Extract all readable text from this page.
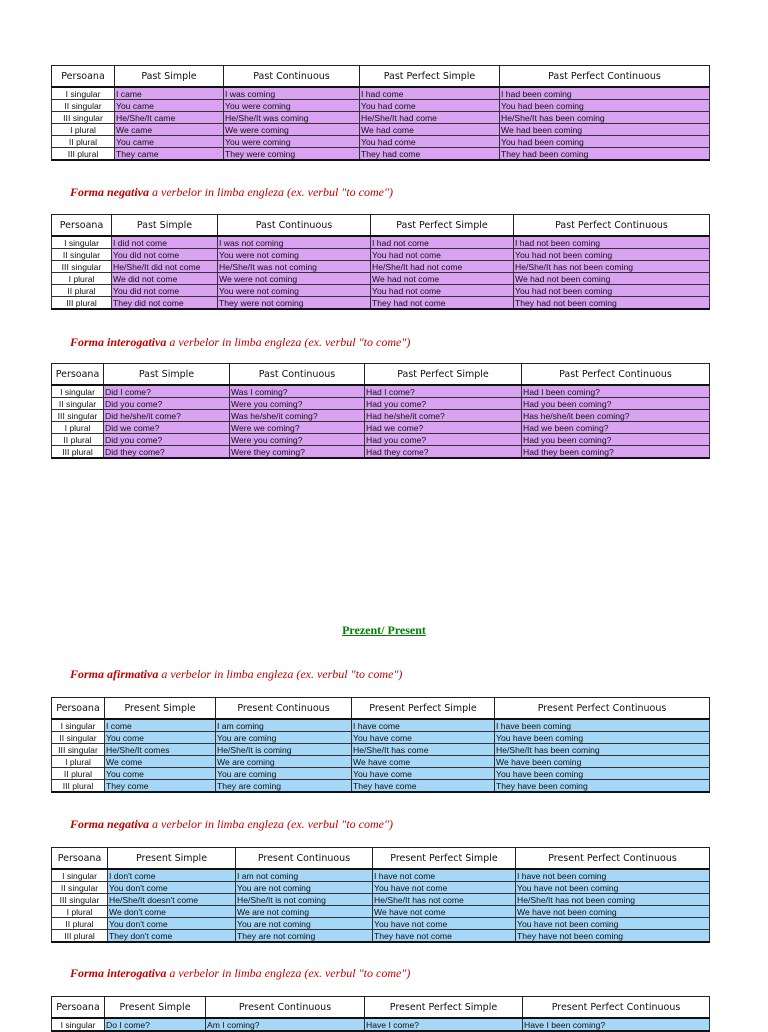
Persoana	Past Simple	Past Continuous	Past Perfect Simple	Past Perfect Continuous
I singular	I came	I was coming	I had come	I had been coming
II singular	You came	You were coming	You had come	You had been coming
III singular	He/She/It came	He/She/It was coming	He/She/It had come	He/She/It has been coming
I plural	We came	We were coming	We had come	We had been coming
II plural	You came	You were coming	You had come	You had been coming
III plural	They came	They were coming	They had come	They had been coming
Forma negativa a verbelor in limba engleza (ex. verbul "to come")
Persoana	Past Simple	Past Continuous	Past Perfect Simple	Past Perfect Continuous
I singular	I did not come	I was not coming	I had not come	I had not been coming
II singular	You did not come	You were not coming	You had not come	You had not been coming
III singular	He/She/It did not come	He/She/It was not coming	He/She/It had not come	He/She/It has not been coming
I plural	We did not come	We were not coming	We had not come	We had not been coming
II plural	You did not come	You were not coming	You had not come	You had not been coming
III plural	They did not come	They were not coming	They had not come	They had not been coming
Forma interogativa a verbelor in limba engleza (ex. verbul "to come")
Persoana	Past Simple	Past Continuous	Past Perfect Simple	Past Perfect Continuous
I singular	Did I come?	Was I coming?	Had I come?	Had I been coming?
II singular	Did you come?	Were you coming?	Had you come?	Had you been coming?
III singular	Did he/she/it come?	Was he/she/it coming?	Had he/she/it come?	Has he/she/it been coming?
I plural	Did we come?	Were we coming?	Had we come?	Had we been coming?
II plural	Did you come?	Were you coming?	Had you come?	Had you been coming?
III plural	Did they come?	Were they coming?	Had they come?	Had they been coming?
Prezent/ Present
Forma afirmativa a verbelor in limba engleza (ex. verbul "to come")
Persoana	Present Simple	Present Continuous	Present Perfect Simple	Present Perfect Continuous
I singular	I come	I am coming	I have come	I have been coming
II singular	You come	You are coming	You have come	You have been coming
III singular	He/She/It comes	He/She/It is coming	He/She/It has come	He/She/It has been coming
I plural	We come	We are coming	We have come	We have been coming
II plural	You come	You are coming	You have come	You have been coming
III plural	They come	They are coming	They have come	They have been coming
Forma negativa a verbelor in limba engleza (ex. verbul "to come")
Persoana	Present Simple	Present Continuous	Present Perfect Simple	Present Perfect Continuous
I singular	I don't come	I am not coming	I have not come	I have not been coming
II singular	You don't come	You are not coming	You have not come	You have not been coming
III singular	He/She/It doesn't come	He/She/It is not coming	He/She/It has not come	He/She/It has not been coming
I plural	We don't come	We are not coming	We have not come	We have not been coming
II plural	You don't come	You are not coming	You have not come	You have not been coming
III plural	They don't come	They are not coming	They have not come	They have not been coming
Forma interogativa a verbelor in limba engleza (ex. verbul "to come")
Persoana	Present Simple	Present Continuous	Present Perfect Simple	Present Perfect Continuous
I singular	Do I come?	Am I coming?	Have I come?	Have I been coming?
